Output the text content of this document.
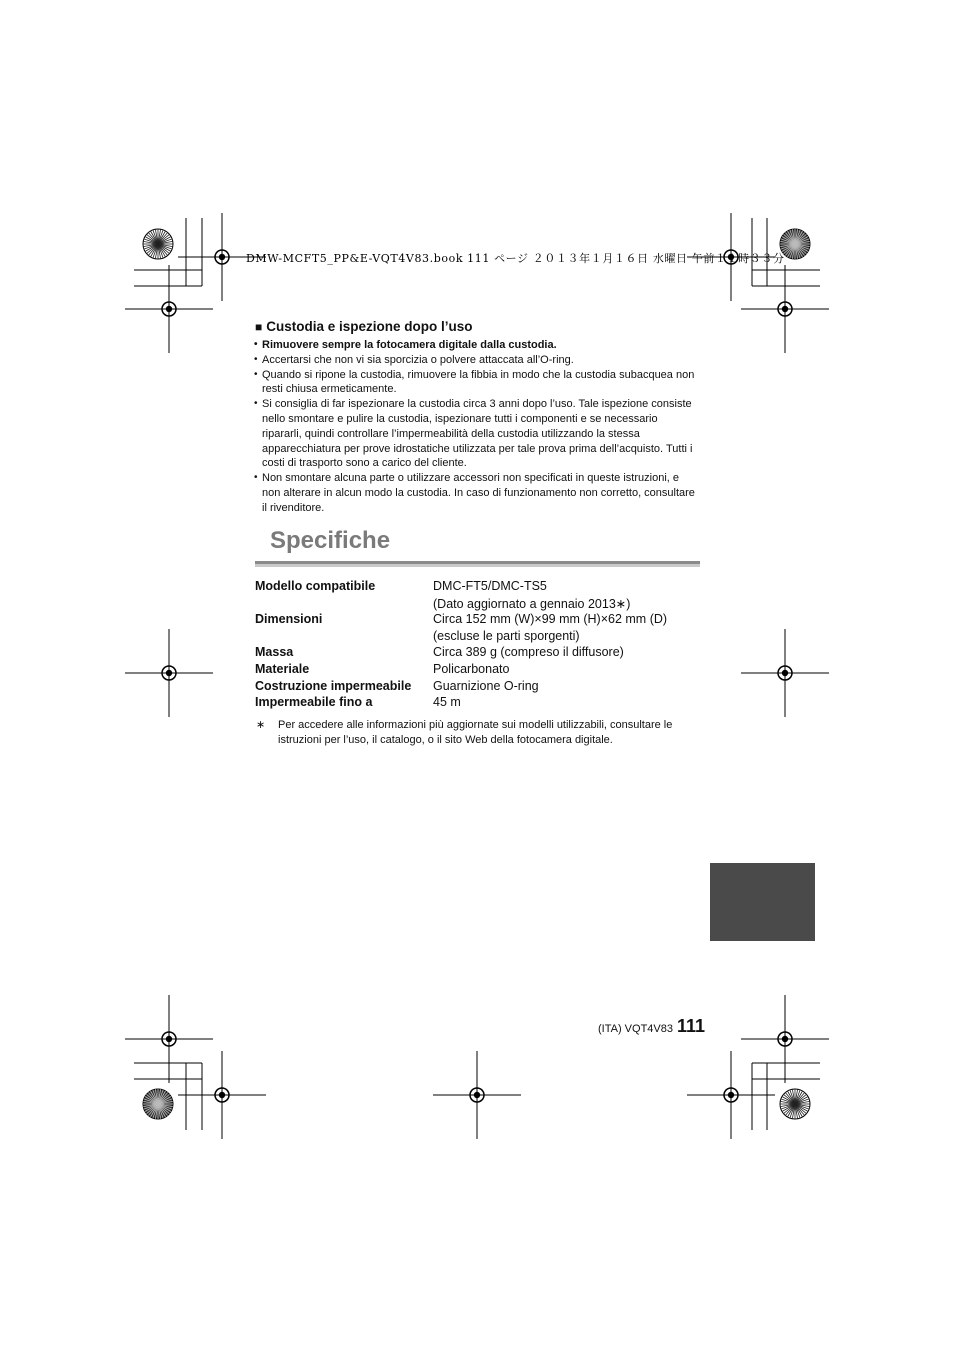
DMW-MCFT5_PP&E-VQT4V83.book 111 ページ ２０１３年１月１６日 水曜日 午前１１時３３分
■ Custodia e ispezione dopo l’uso
• Rimuovere sempre la fotocamera digitale dalla custodia.
• Accertarsi che non vi sia sporcizia o polvere attaccata all’O-ring.
• Quando si ripone la custodia, rimuovere la fibbia in modo che la custodia subacquea non resti chiusa ermeticamente.
• Si consiglia di far ispezionare la custodia circa 3 anni dopo l’uso. Tale ispezione consiste nello smontare e pulire la custodia, ispezionare tutti i componenti e se necessario ripararli, quindi controllare l’impermeabilità della custodia utilizzando la stessa apparecchiatura per prove idrostatiche utilizzata per tale prova prima dell’acquisto. Tutti i costi di trasporto sono a carico del cliente.
• Non smontare alcuna parte o utilizzare accessori non specificati in queste istruzioni, e non alterare in alcun modo la custodia. In caso di funzionamento non corretto, consultare il rivenditore.
Specifiche
Modello compatibile	DMC-FT5/DMC-TS5
	(Dato aggiornato a gennaio 2013∗)
Dimensioni	Circa 152 mm (W)×99 mm (H)×62 mm (D)
	(escluse le parti sporgenti)
Massa	Circa 389 g (compreso il diffusore)
Materiale	Policarbonato
Costruzione impermeabile	Guarnizione O-ring
Impermeabile fino a	45 m
∗ Per accedere alle informazioni più aggiornate sui modelli utilizzabili, consultare le istruzioni per l’uso, il catalogo, o il sito Web della fotocamera digitale.
(ITA) VQT4V83 111
